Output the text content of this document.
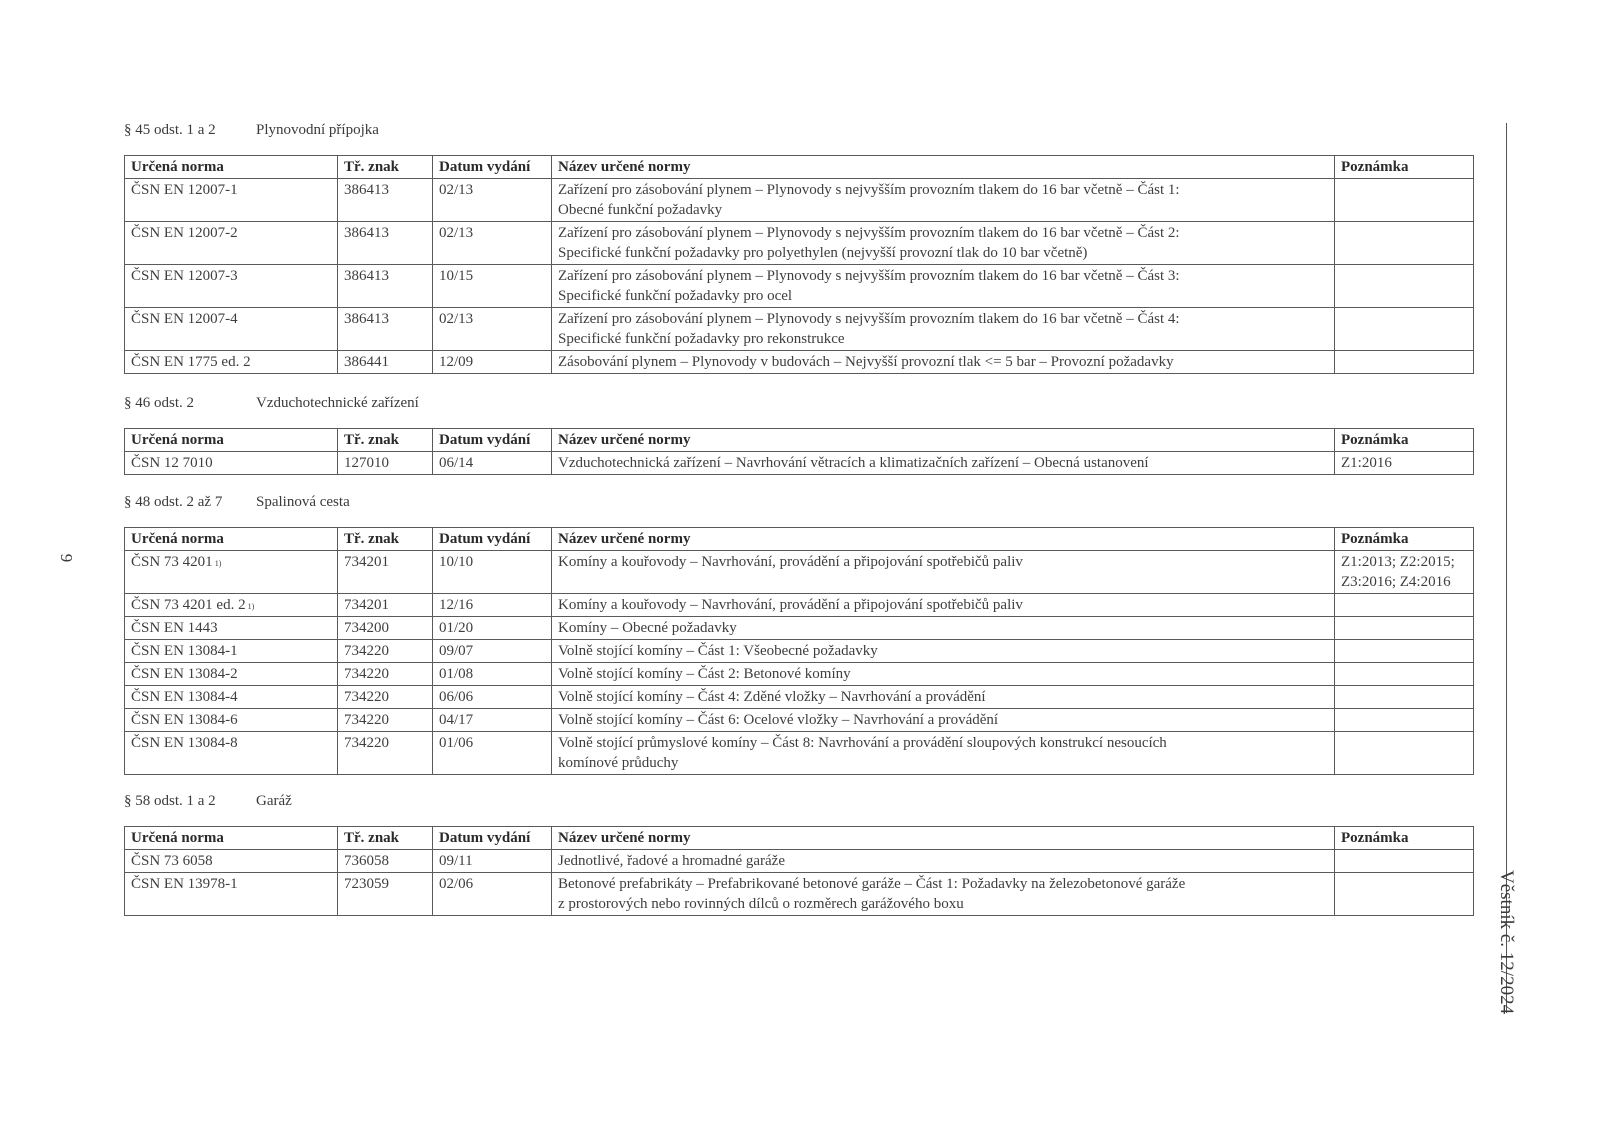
§ 45 odst. 1 a 2	Plynovodní přípojka
Určená norma	Tř. znak	Datum vydání	Název určené normy	Poznámka
ČSN EN 12007-1	386413	02/13	Zařízení pro zásobování plynem – Plynovody s nejvyšším provozním tlakem do 16 bar včetně – Část 1:
Obecné funkční požadavky	

ČSN EN 12007-2	386413	02/13	Zařízení pro zásobování plynem – Plynovody s nejvyšším provozním tlakem do 16 bar včetně – Část 2:
Specifické funkční požadavky pro polyethylen (nejvyšší provozní tlak do 10 bar včetně)	

ČSN EN 12007-3	386413	10/15	Zařízení pro zásobování plynem – Plynovody s nejvyšším provozním tlakem do 16 bar včetně – Část 3:
Specifické funkční požadavky pro ocel	

ČSN EN 12007-4	386413	02/13	Zařízení pro zásobování plynem – Plynovody s nejvyšším provozním tlakem do 16 bar včetně – Část 4:
Specifické funkční požadavky pro rekonstrukce	

ČSN EN 1775 ed. 2	386441	12/09	Zásobování plynem – Plynovody v budovách – Nejvyšší provozní tlak <= 5 bar – Provozní požadavky	

§ 46 odst. 2	Vzduchotechnické zařízení
Určená norma	Tř. znak	Datum vydání	Název určené normy	Poznámka
ČSN 12 7010	127010	06/14	Vzduchotechnická zařízení – Navrhování větracích a klimatizačních zařízení – Obecná ustanovení	Z1:2016
§ 48 odst. 2 až 7 Spalinová cesta
Určená norma	Tř. znak	Datum vydání	Název určené normy	Poznámka
ČSN 73 4201 $^{1)}$	734201	10/10	Komíny a kouřovody – Navrhování, provádění a připojování spotřebičů paliv	Z1:2013; Z2:2015;
Z3:2016; Z4:2016

ČSN 73 4201 ed. 2 $^{1)}$	734201	12/16	Komíny a kouřovody – Navrhování, provádění a připojování spotřebičů paliv	

ČSN EN 1443	734200	01/20	Komíny – Obecné požadavky	

ČSN EN 13084-1	734220	09/07	Volně stojící komíny – Část 1: Všeobecné požadavky	

ČSN EN 13084-2	734220	01/08	Volně stojící komíny – Část 2: Betonové komíny	

ČSN EN 13084-4	734220	06/06	Volně stojící komíny – Část 4: Zděné vložky – Navrhování a provádění	

ČSN EN 13084-6	734220	04/17	Volně stojící komíny – Část 6: Ocelové vložky – Navrhování a provádění	

ČSN EN 13084-8	734220	01/06	Volně stojící průmyslové komíny – Část 8: Navrhování a provádění sloupových konstrukcí nesoucích
komínové průduchy	

§ 58 odst. 1 a 2	Garáž
Určená norma	Tř. znak	Datum vydání	Název určené normy	Poznámka
ČSN 73 6058	736058	09/11	Jednotlivé, řadové a hromadné garáže	

ČSN EN 13978-1	723059	02/06	Betonové prefabrikáty – Prefabrikované betonové garáže – Část 1: Požadavky na železobetonové garáže
z prostorových nebo rovinných dílců o rozměrech garážového boxu	

9
Věstník č. 12/2024
